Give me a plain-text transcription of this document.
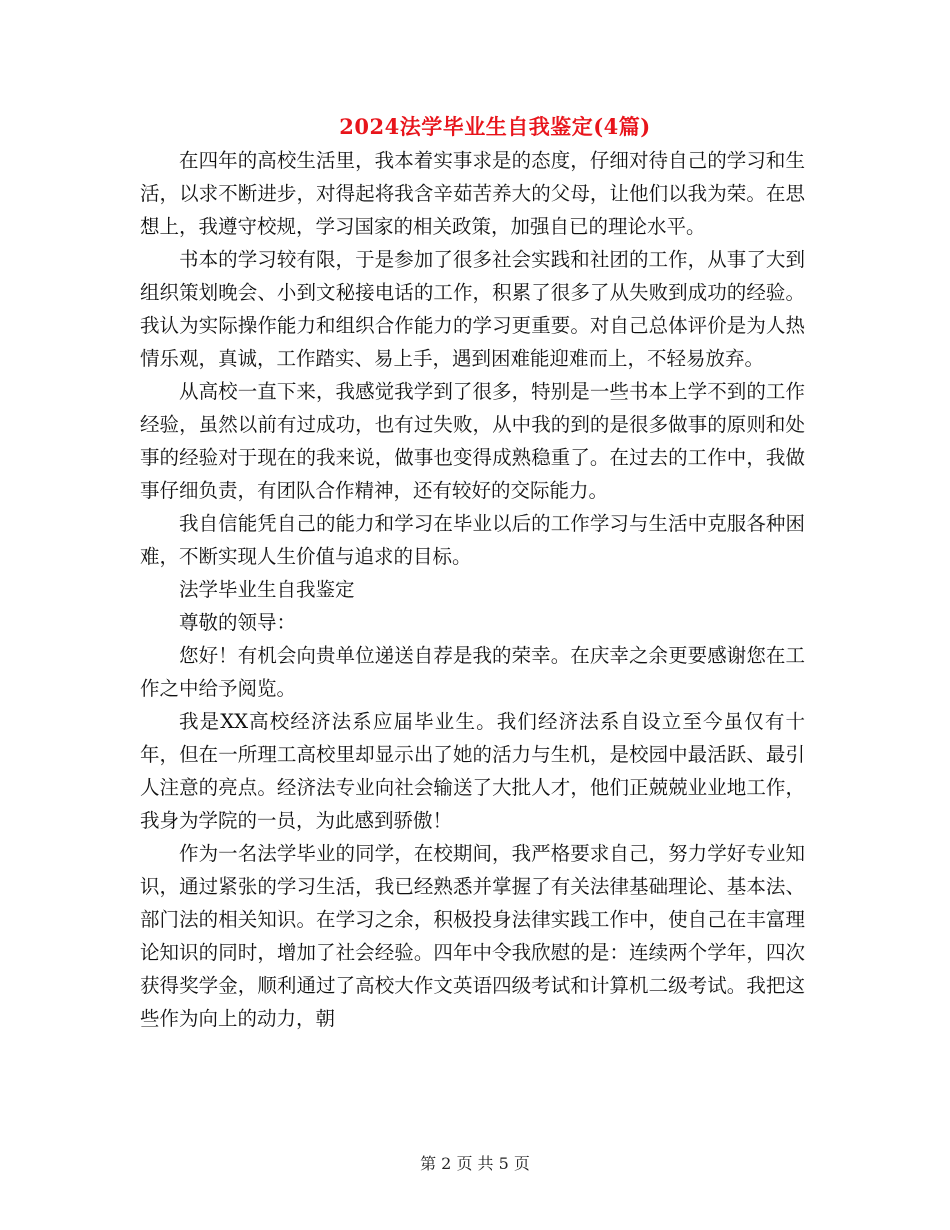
2024法学毕业生自我鉴定(4篇)

在四年的高校生活里，我本着实事求是的态度，仔细对待自己的学习和生活，以求不断进步，对得起将我含辛茹苦养大的父母，让他们以我为荣。在思想上，我遵守校规，学习国家的相关政策，加强自已的理论水平。

书本的学习较有限，于是参加了很多社会实践和社团的工作，从事了大到组织策划晚会、小到文秘接电话的工作，积累了很多了从失败到成功的经验。我认为实际操作能力和组织合作能力的学习更重要。对自己总体评价是为人热情乐观，真诚，工作踏实、易上手，遇到困难能迎难而上，不轻易放弃。

从高校一直下来，我感觉我学到了很多，特别是一些书本上学不到的工作经验，虽然以前有过成功，也有过失败，从中我的到的是很多做事的原则和处事的经验对于现在的我来说，做事也变得成熟稳重了。在过去的工作中，我做事仔细负责，有团队合作精神，还有较好的交际能力。

我自信能凭自己的能力和学习在毕业以后的工作学习与生活中克服各种困难，不断实现人生价值与追求的目标。

法学毕业生自我鉴定

尊敬的领导：

您好！有机会向贵单位递送自荐是我的荣幸。在庆幸之余更要感谢您在工作之中给予阅览。

我是XX高校经济法系应届毕业生。我们经济法系自设立至今虽仅有十年，但在一所理工高校里却显示出了她的活力与生机，是校园中最活跃、最引人注意的亮点。经济法专业向社会输送了大批人才，他们正兢兢业业地工作，我身为学院的一员，为此感到骄傲！

作为一名法学毕业的同学，在校期间，我严格要求自己，努力学好专业知识，通过紧张的学习生活，我已经熟悉并掌握了有关法律基础理论、基本法、部门法的相关知识。在学习之余，积极投身法律实践工作中，使自己在丰富理论知识的同时，增加了社会经验。四年中令我欣慰的是：连续两个学年，四次获得奖学金，顺利通过了高校大作文英语四级考试和计算机二级考试。我把这些作为向上的动力，朝

第 2 页 共 5 页
